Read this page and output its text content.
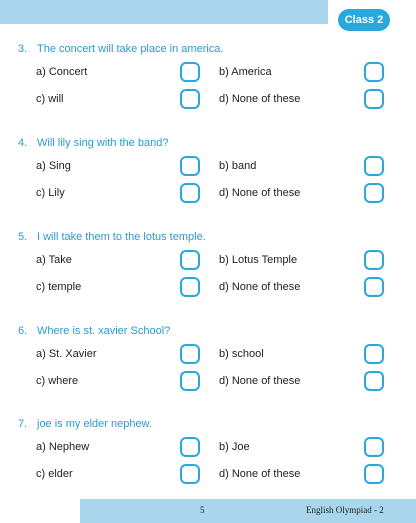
Class 2
3. The concert will take place in america.
a) Concert	b) America
c) will	d) None of these
4. Will lily sing with the band?
a) Sing	b) band
c) Lily	d) None of these
5. I will take them to the lotus temple.
a) Take	b) Lotus Temple
c) temple	d) None of these
6. Where is st. xavier School?
a) St. Xavier	b) school
c) where	d) None of these
7. joe is my elder nephew.
a) Nephew	b) Joe
c) elder	d) None of these
5	English Olympiad - 2
